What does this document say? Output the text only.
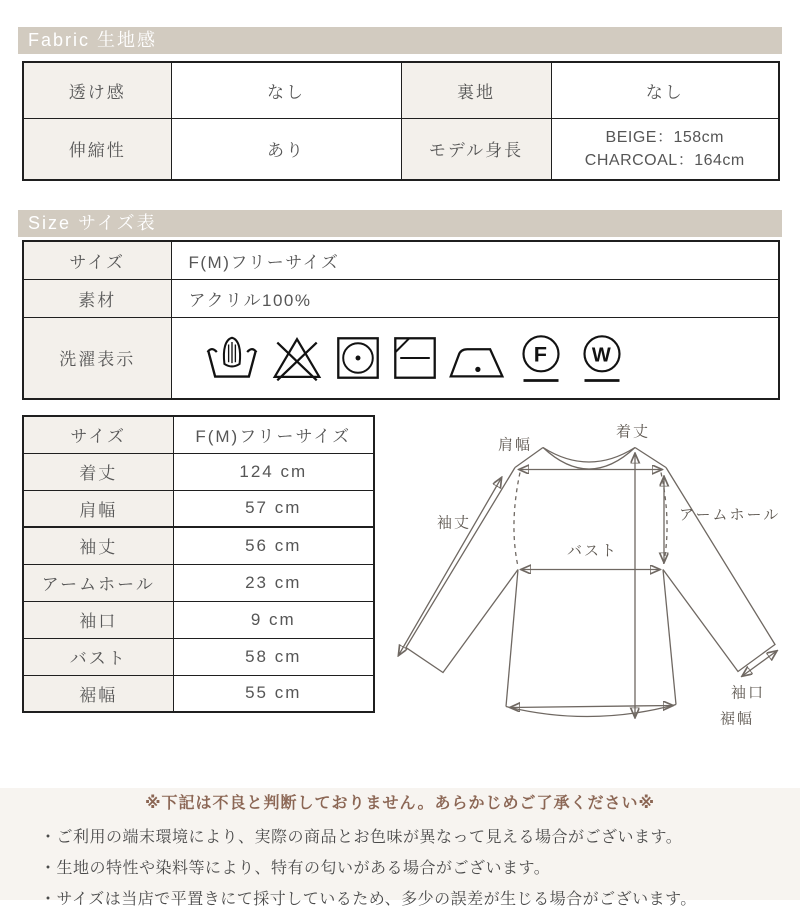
Fabric 生地感
透け感	なし	裏地	なし
伸縮性	あり	モデル身長	BEIGE：158cm
CHARCOAL：164cm
Size サイズ表
サイズ	F(M)フリーサイズ
素材	アクリル100%
洗濯表示	F W
サイズ	F(M)フリーサイズ
着丈	124 cm
肩幅	57 cm
袖丈	56 cm
アームホール	23 cm
袖口	9 cm
バスト	58 cm
裾幅	55 cm
着丈
肩幅
袖丈	アームホール
バスト
袖口
裾幅
※下記は不良と判断しておりません。あらかじめご了承ください※
・ご利用の端末環境により、実際の商品とお色味が異なって見える場合がございます。
・生地の特性や染料等により、特有の匂いがある場合がございます。
・サイズは当店で平置きにて採寸しているため、多少の誤差が生じる場合がございます。
